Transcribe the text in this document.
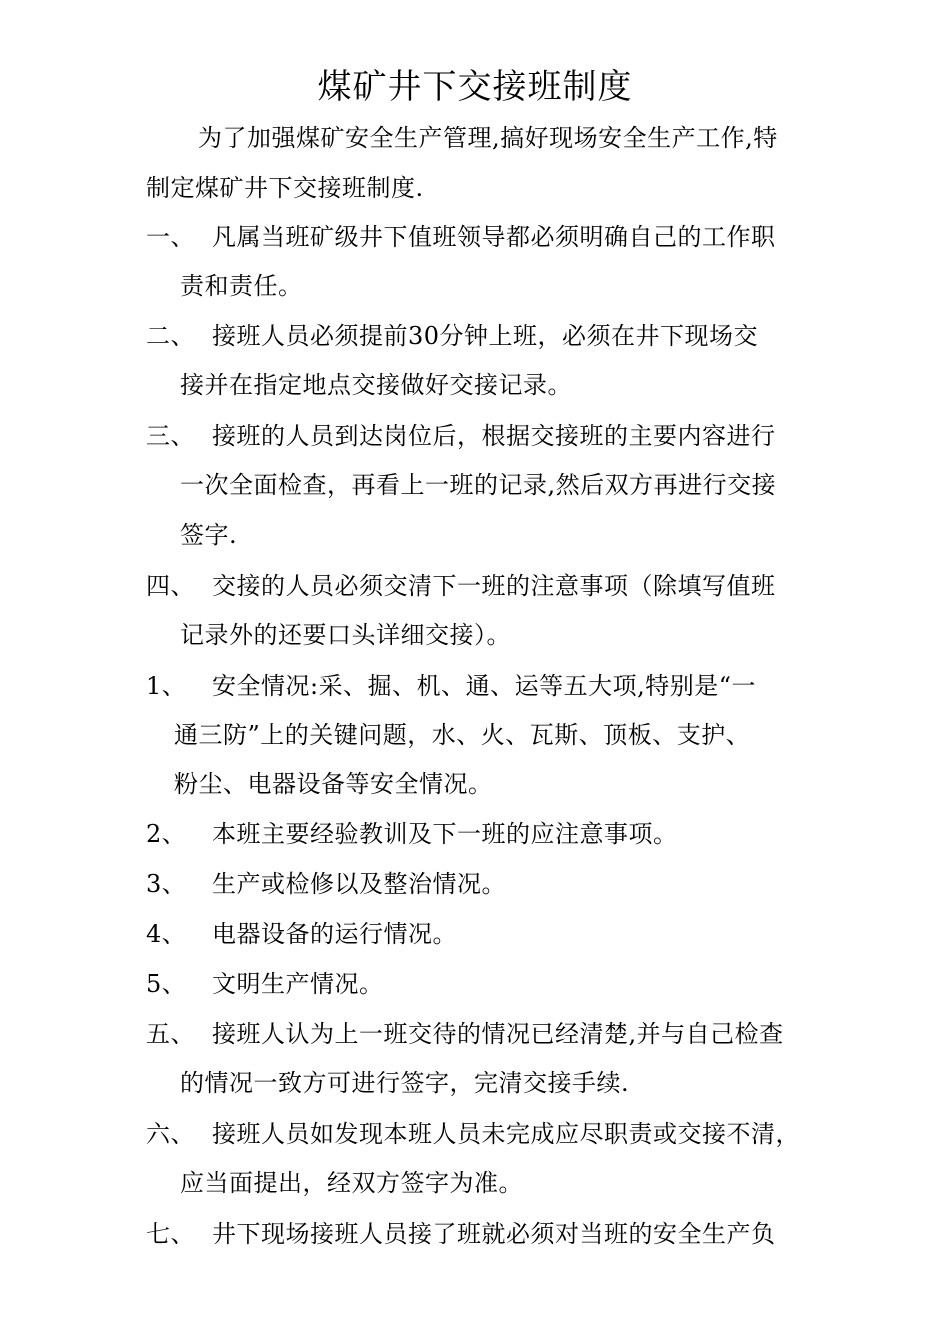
煤矿井下交接班制度
为了加强煤矿安全生产管理,搞好现场安全生产工作,特
制定煤矿井下交接班制度.
一、 凡属当班矿级井下值班领导都必须明确自己的工作职
责和责任。
二、 接班人员必须提前30分钟上班，必须在井下现场交
接并在指定地点交接做好交接记录。
三、 接班的人员到达岗位后，根据交接班的主要内容进行
一次全面检查，再看上一班的记录,然后双方再进行交接
签字.
四、 交接的人员必须交清下一班的注意事项（除填写值班
记录外的还要口头详细交接）。
1、 安全情况:采、掘、机、通、运等五大项,特别是“一
通三防”上的关键问题，水、火、瓦斯、顶板、支护、
粉尘、电器设备等安全情况。
2、 本班主要经验教训及下一班的应注意事项。
3、 生产或检修以及整治情况。
4、 电器设备的运行情况。
5、 文明生产情况。
五、 接班人认为上一班交待的情况已经清楚,并与自己检查
的情况一致方可进行签字，完清交接手续.
六、 接班人员如发现本班人员未完成应尽职责或交接不清，
应当面提出，经双方签字为准。
七、 井下现场接班人员接了班就必须对当班的安全生产负
